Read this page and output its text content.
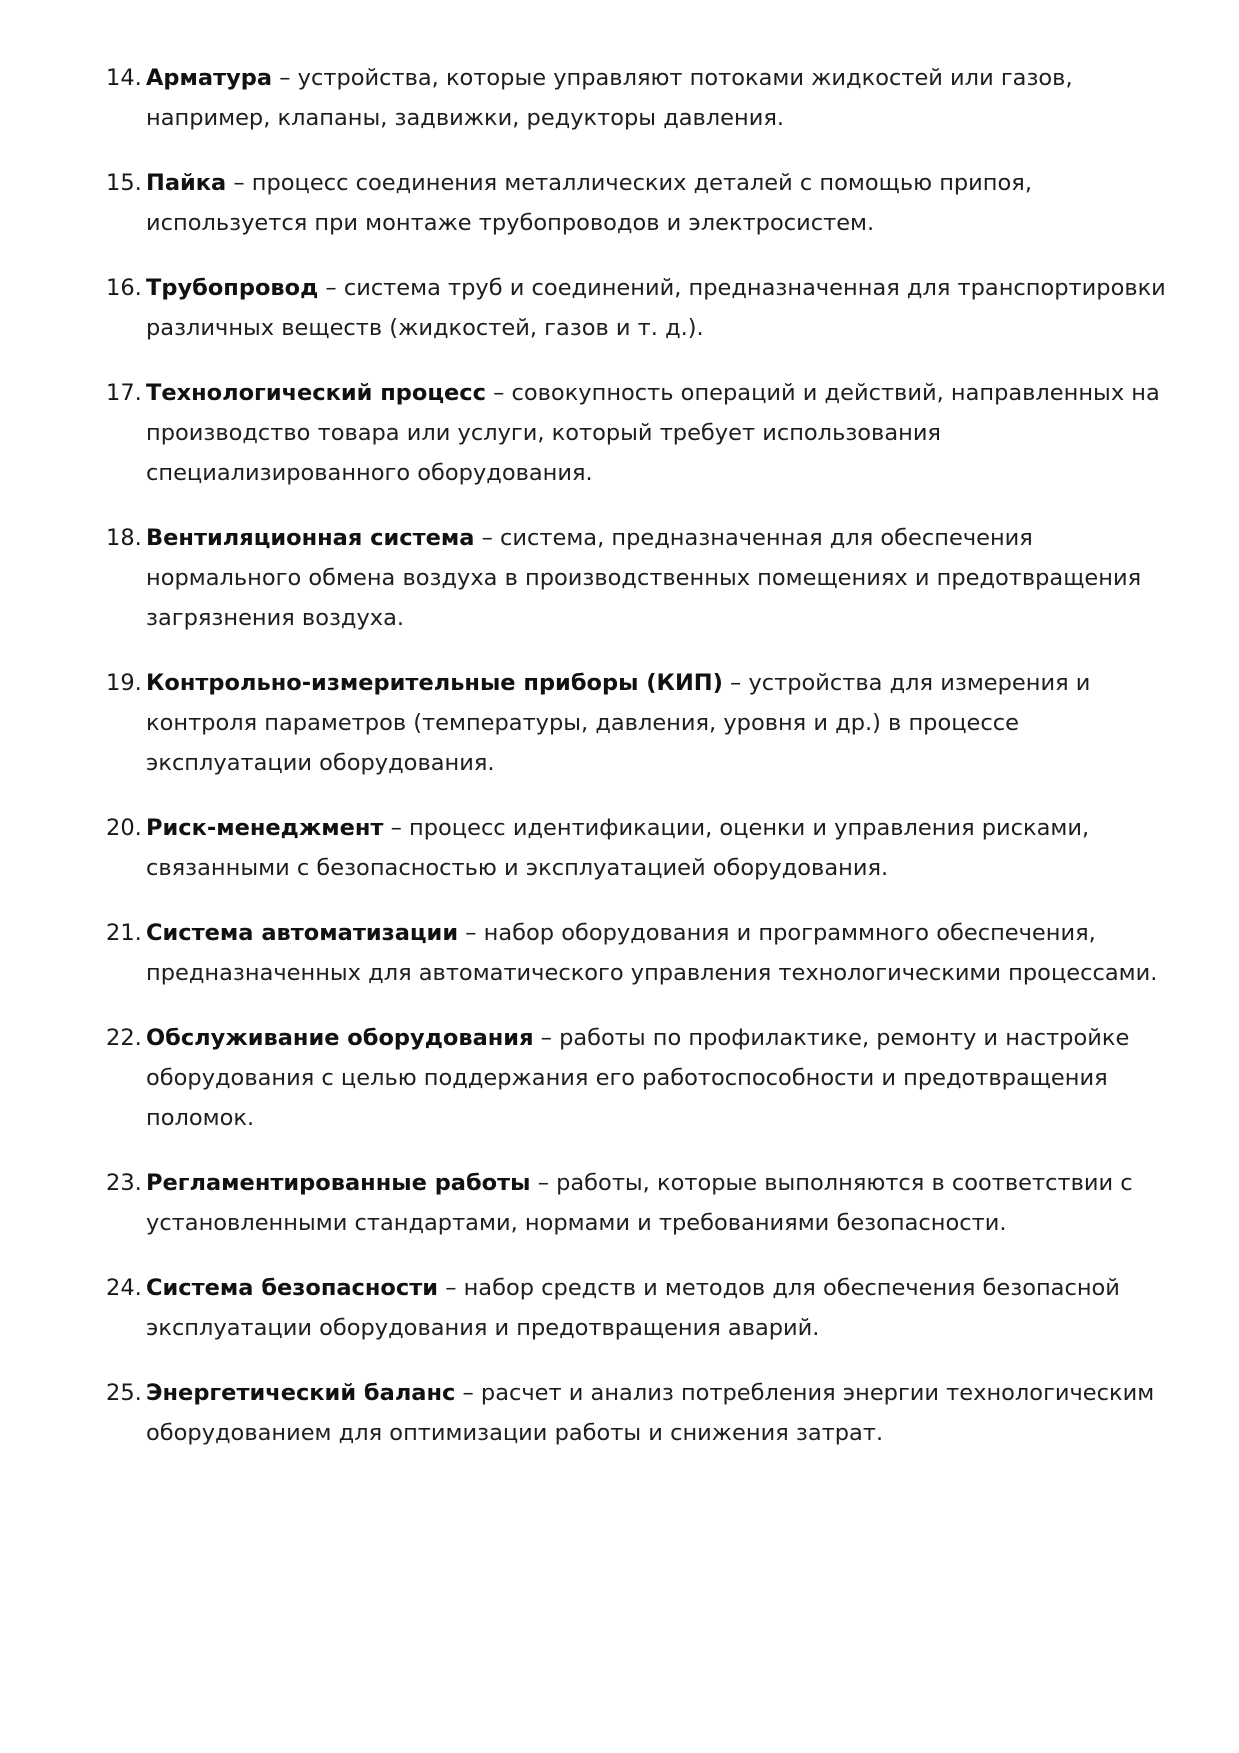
14. Арматура – устройства, которые управляют потоками жидкостей или газов, например, клапаны, задвижки, редукторы давления.
15. Пайка – процесс соединения металлических деталей с помощью припоя, используется при монтаже трубопроводов и электросистем.
16. Трубопровод – система труб и соединений, предназначенная для транспортировки различных веществ (жидкостей, газов и т. д.).
17. Технологический процесс – совокупность операций и действий, направленных на производство товара или услуги, который требует использования специализированного оборудования.
18. Вентиляционная система – система, предназначенная для обеспечения нормального обмена воздуха в производственных помещениях и предотвращения загрязнения воздуха.
19. Контрольно-измерительные приборы (КИП) – устройства для измерения и контроля параметров (температуры, давления, уровня и др.) в процессе эксплуатации оборудования.
20. Риск-менеджмент – процесс идентификации, оценки и управления рисками, связанными с безопасностью и эксплуатацией оборудования.
21. Система автоматизации – набор оборудования и программного обеспечения, предназначенных для автоматического управления технологическими процессами.
22. Обслуживание оборудования – работы по профилактике, ремонту и настройке оборудования с целью поддержания его работоспособности и предотвращения поломок.
23. Регламентированные работы – работы, которые выполняются в соответствии с установленными стандартами, нормами и требованиями безопасности.
24. Система безопасности – набор средств и методов для обеспечения безопасной эксплуатации оборудования и предотвращения аварий.
25. Энергетический баланс – расчет и анализ потребления энергии технологическим оборудованием для оптимизации работы и снижения затрат.
